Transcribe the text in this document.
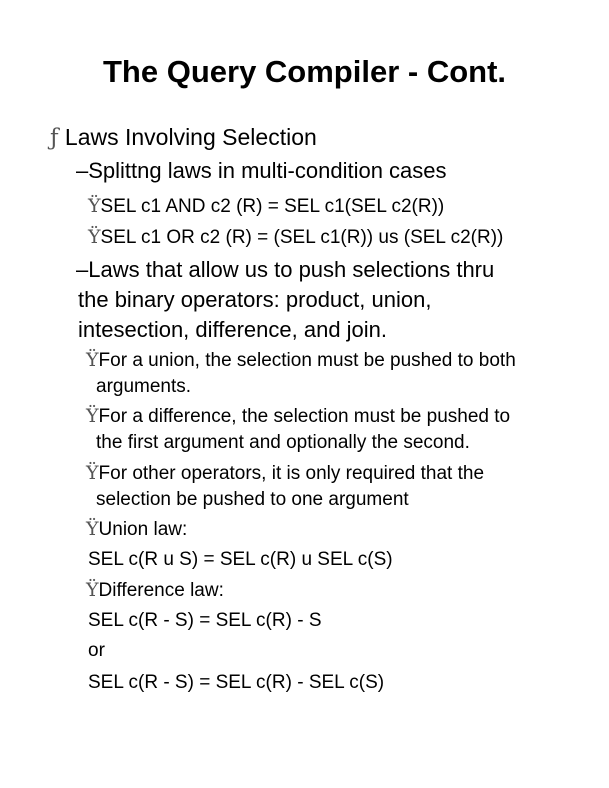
The Query Compiler - Cont.
ƒ Laws Involving Selection
–Splittng laws in multi-condition cases
ŸSEL c1 AND c2 (R) = SEL c1(SEL c2(R))
ŸSEL c1 OR c2 (R) = (SEL c1(R)) us (SEL c2(R))
–Laws that allow us to push selections thru
the binary operators: product, union,
intesection, difference, and join.
ŸFor a union, the selection must be pushed to both
arguments.
ŸFor a difference, the selection must be pushed to
the first argument and optionally the second.
ŸFor other operators, it is only required that the
selection be pushed to one argument
ŸUnion law:
SEL c(R u S) = SEL c(R) u SEL c(S)
ŸDifference law:
SEL c(R - S) = SEL c(R) - S
or
SEL c(R - S) = SEL c(R) - SEL c(S)
